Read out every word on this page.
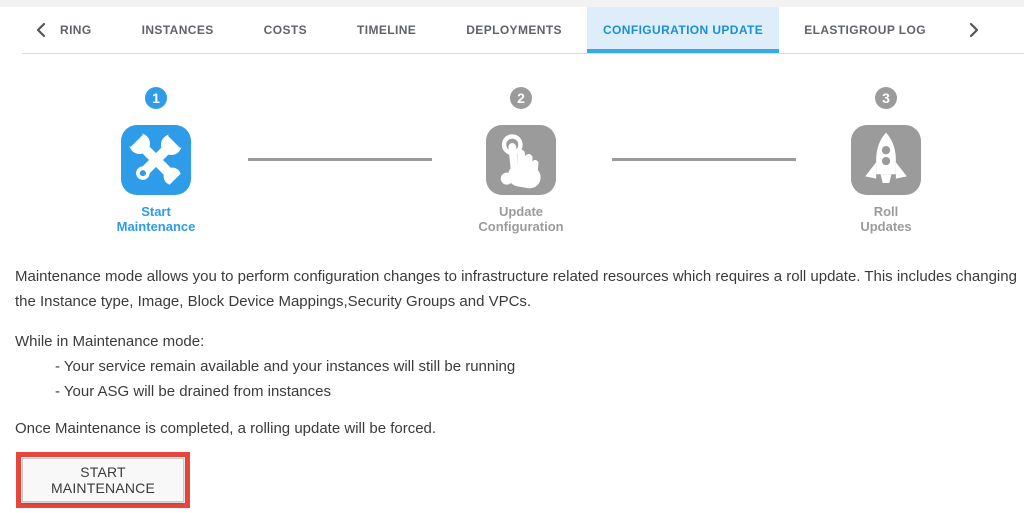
RING	INSTANCES	COSTS	TIMELINE	DEPLOYMENTS	CONFIGURATION UPDATE	ELASTIGROUP LOG
1
Start
Maintenance
2
Update
Configuration
3
Roll
Updates
Maintenance mode allows you to perform configuration changes to infrastructure related resources which requires a roll update. This includes changing the Instance type, Image, Block Device Mappings,Security Groups and VPCs.
While in Maintenance mode:
- Your service remain available and your instances will still be running
- Your ASG will be drained from instances
Once Maintenance is completed, a rolling update will be forced.
START MAINTENANCE
